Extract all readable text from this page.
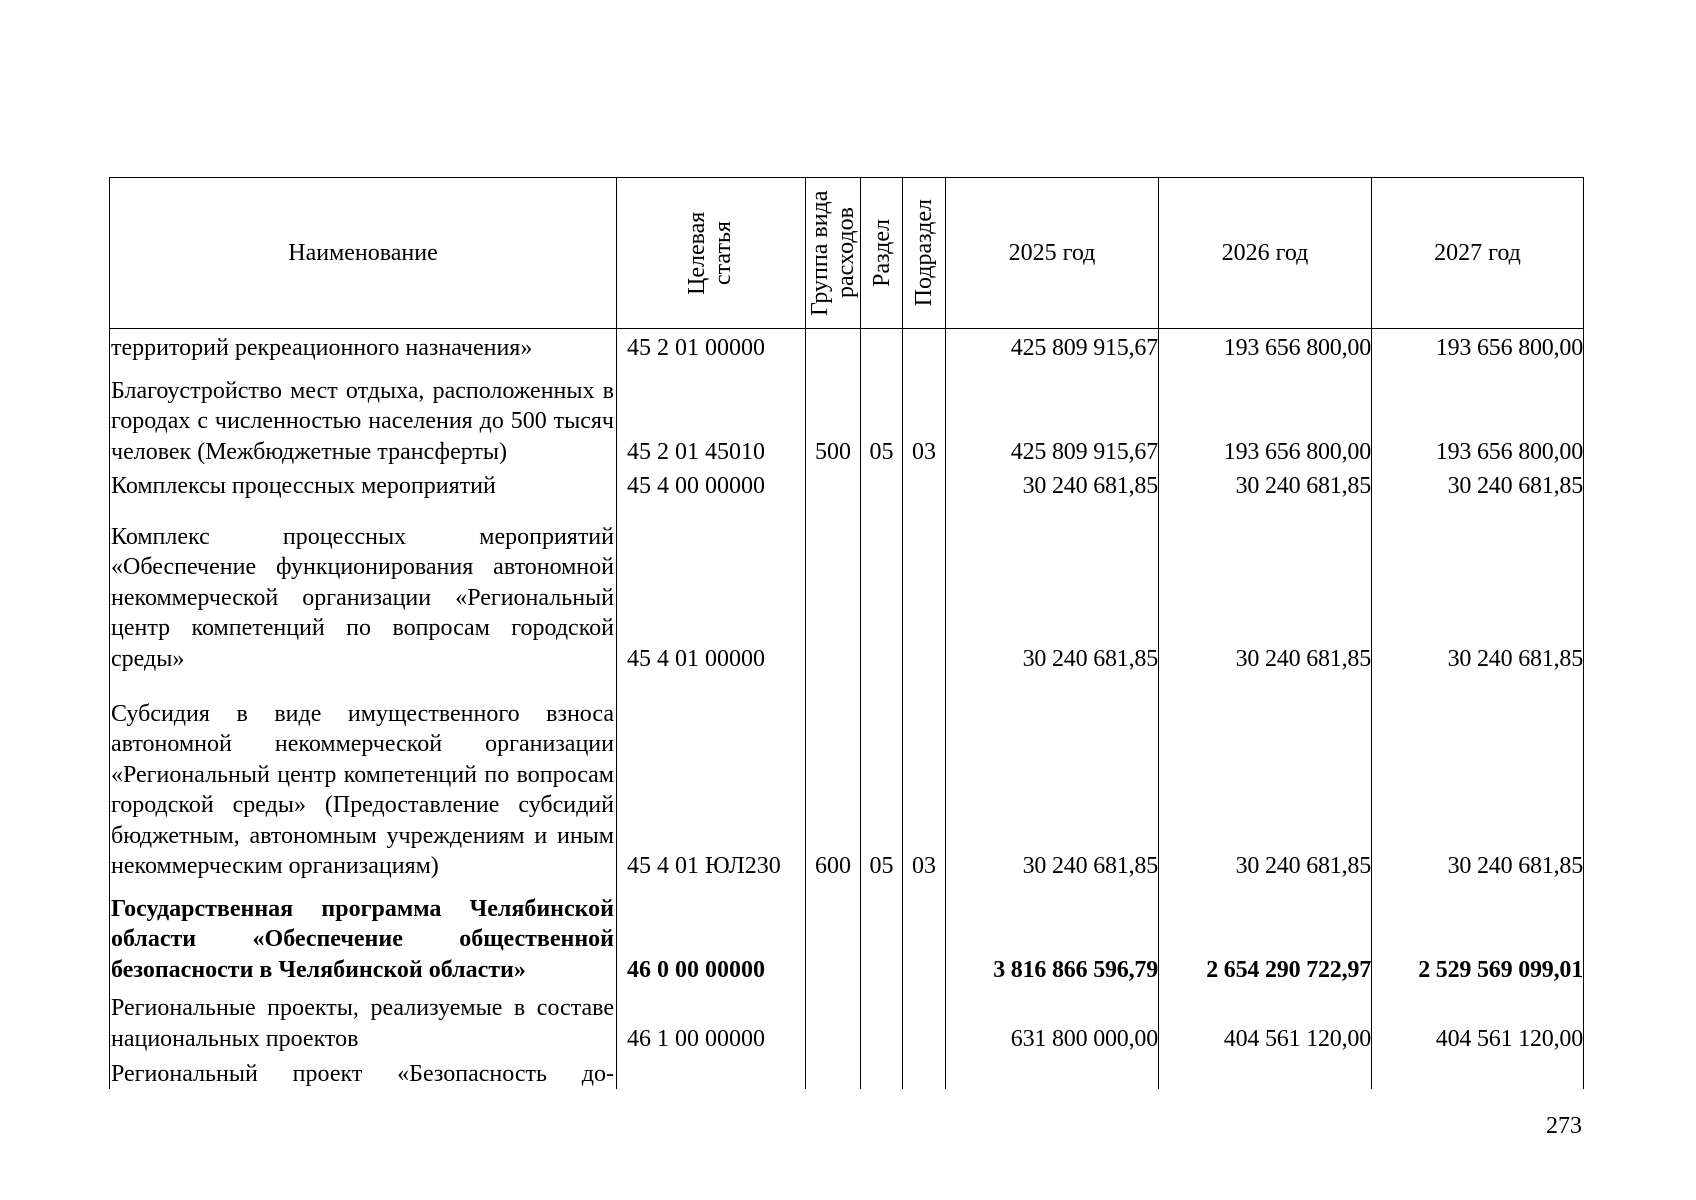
Наименование	Целевая статья	Группа вида расходов	Раздел	Подраздел	2025 год	2026 год	2027 год
территорий рекреационного назначения»	45 2 01 00000				425 809 915,67	193 656 800,00	193 656 800,00
Благоустройство мест отдыха, расположенных в городах с численностью населения до 500 тысяч человек (Межбюджетные трансферты)	45 2 01 45010	500	05	03	425 809 915,67	193 656 800,00	193 656 800,00
Комплексы процессных мероприятий	45 4 00 00000				30 240 681,85	30 240 681,85	30 240 681,85
Комплекс процессных мероприятий «Обеспечение функционирования автономной некоммерческой организации «Региональный центр компетенций по вопросам городской среды»	45 4 01 00000				30 240 681,85	30 240 681,85	30 240 681,85
Субсидия в виде имущественного взноса автономной некоммерческой организации «Региональный центр компетенций по вопросам городской среды» (Предоставление субсидий бюджетным, автономным учреждениям и иным некоммерческим организациям)	45 4 01 ЮЛ230	600	05	03	30 240 681,85	30 240 681,85	30 240 681,85
Государственная программа Челябинской области «Обеспечение общественной безопасности в Челябинской области»	46 0 00 00000				3 816 866 596,79	2 654 290 722,97	2 529 569 099,01
Региональные проекты, реализуемые в составе национальных проектов	46 1 00 00000				631 800 000,00	404 561 120,00	404 561 120,00
Региональный проект «Безопасность до-							
273
